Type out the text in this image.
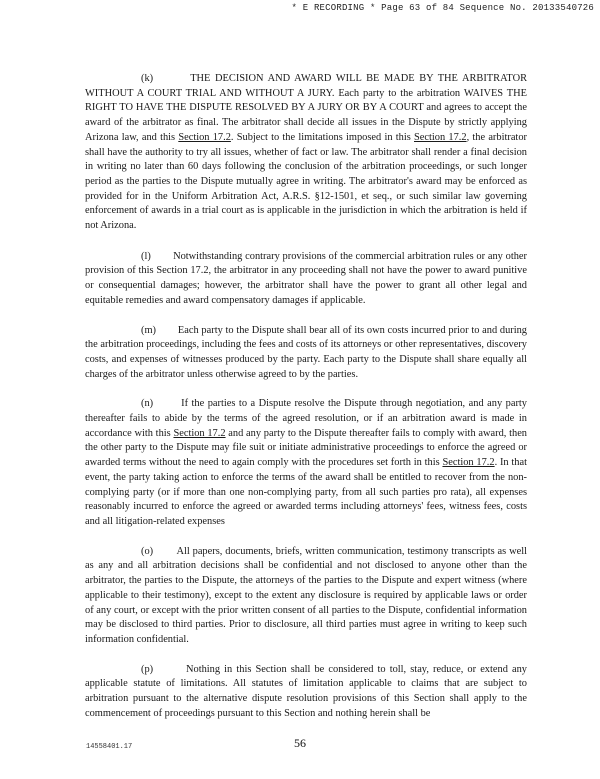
* E RECORDING * Page 63 of 84 Sequence No. 20133540726

(k)	THE DECISION AND AWARD WILL BE MADE BY THE ARBITRATOR WITHOUT A COURT TRIAL AND WITHOUT A JURY. Each party to the arbitration WAIVES THE RIGHT TO HAVE THE DISPUTE RESOLVED BY A JURY OR BY A COURT and agrees to accept the award of the arbitrator as final. The arbitrator shall decide all issues in the Dispute by strictly applying Arizona law, and this Section 17.2. Subject to the limitations imposed in this Section 17.2, the arbitrator shall have the authority to try all issues, whether of fact or law. The arbitrator shall render a final decision in writing no later than 60 days following the conclusion of the arbitration proceedings, or such longer period as the parties to the Dispute mutually agree in writing. The arbitrator's award may be enforced as provided for in the Uniform Arbitration Act, A.R.S. §12-1501, et seq., or such similar law governing enforcement of awards in a trial court as is applicable in the jurisdiction in which the arbitration is held if not Arizona.

(l) Notwithstanding contrary provisions of the commercial arbitration rules or any other provision of this Section 17.2, the arbitrator in any proceeding shall not have the power to award punitive or consequential damages; however, the arbitrator shall have the power to grant all other legal and equitable remedies and award compensatory damages if applicable.

(m) Each party to the Dispute shall bear all of its own costs incurred prior to and during the arbitration proceedings, including the fees and costs of its attorneys or other representatives, discovery costs, and expenses of witnesses produced by the party. Each party to the Dispute shall share equally all charges of the arbitrator unless otherwise agreed to by the parties.

(n)	If the parties to a Dispute resolve the Dispute through negotiation, and any party thereafter fails to abide by the terms of the agreed resolution, or if an arbitration award is made in accordance with this Section 17.2 and any party to the Dispute thereafter fails to comply with award, then the other party to the Dispute may file suit or initiate administrative proceedings to enforce the agreed or awarded terms without the need to again comply with the procedures set forth in this Section 17.2. In that event, the party taking action to enforce the terms of the award shall be entitled to recover from the non-complying party (or if more than one non-complying party, from all such parties pro rata), all expenses reasonably incurred to enforce the agreed or awarded terms including attorneys' fees, witness fees, costs and all litigation-related expenses

(o) All papers, documents, briefs, written communication, testimony transcripts as well as any and all arbitration decisions shall be confidential and not disclosed to anyone other than the arbitrator, the parties to the Dispute, the attorneys of the parties to the Dispute and expert witness (where applicable to their testimony), except to the extent any disclosure is required by applicable laws or order of any court, or except with the prior written consent of all parties to the Dispute, confidential information may be disclosed to third parties. Prior to disclosure, all third parties must agree in writing to keep such information confidential.

(p)	Nothing in this Section shall be considered to toll, stay, reduce, or extend any applicable statute of limitations. All statutes of limitation applicable to claims that are subject to arbitration pursuant to the alternative dispute resolution provisions of this Section shall apply to the commencement of proceedings pursuant to this Section and nothing herein shall be

14558401.17	56
